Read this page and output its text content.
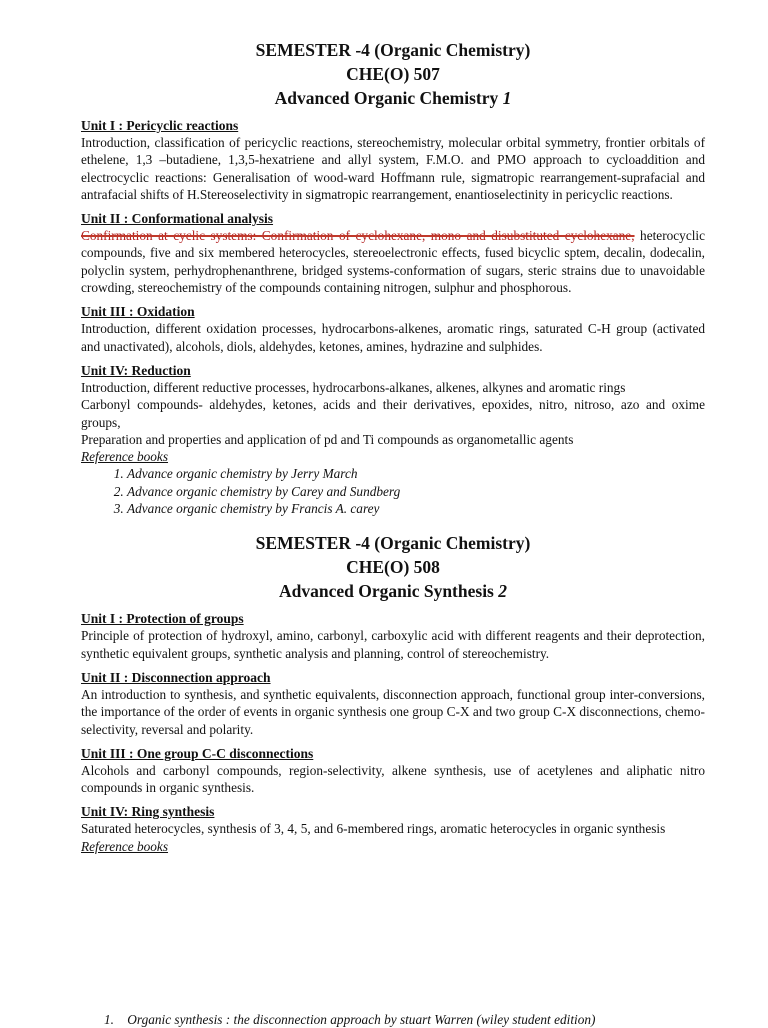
SEMESTER -4 (Organic Chemistry)
CHE(O) 507
Advanced Organic Chemistry 1
Unit I : Pericyclic reactions
Introduction, classification of pericyclic reactions, stereochemistry, molecular orbital symmetry, frontier orbitals of ethelene, 1,3 –butadiene, 1,3,5-hexatriene and allyl system, F.M.O. and PMO approach to cycloaddition and electrocyclic reactions: Generalisation of wood-ward Hoffmann rule, sigmatropic rearrangement-suprafacial and antrafacial shifts of H.Stereoselectivity in sigmatropic rearrangement, enantioselectinity in pericyclic reactions.
Unit II : Conformational analysis
Confirmation at cyclic systems: Confirmation of cyclohexane, mono and disubstituted cyclohexane, heterocyclic compounds, five and six membered heterocycles, stereoelectronic effects, fused bicyclic sptem, decalin, dodecalin, polyclin system, perhydrophenanthrene, bridged systems-conformation of sugars, steric strains due to unavoidable crowding, stereochemistry of the compounds containing nitrogen, sulphur and phosphorous.
Unit III : Oxidation
Introduction, different oxidation processes, hydrocarbons-alkenes, aromatic rings, saturated C-H group (activated and unactivated), alcohols, diols, aldehydes, ketones, amines, hydrazine and sulphides.
Unit IV: Reduction
Introduction, different reductive processes, hydrocarbons-alkanes, alkenes, alkynes and aromatic rings
Carbonyl compounds- aldehydes, ketones, acids and their derivatives, epoxides, nitro, nitroso, azo and oxime groups,
Preparation and properties and application of pd and Ti compounds as organometallic agents
Reference books
1. Advance organic chemistry by Jerry March
2. Advance organic chemistry by Carey and Sundberg
3. Advance organic chemistry by Francis A. carey
SEMESTER -4 (Organic Chemistry)
CHE(O) 508
Advanced Organic Synthesis 2
Unit I : Protection of groups
Principle of protection of hydroxyl, amino, carbonyl, carboxylic acid with different reagents and their deprotection, synthetic equivalent groups, synthetic analysis and planning, control of stereochemistry.
Unit II : Disconnection approach
An introduction to synthesis, and synthetic equivalents, disconnection approach, functional group inter-conversions, the importance of the order of events in organic synthesis one group C-X and two group C-X disconnections, chemo-selectivity, reversal and polarity.
Unit III : One group C-C disconnections
Alcohols and carbonyl compounds, region-selectivity, alkene synthesis, use of acetylenes and aliphatic nitro compounds in organic synthesis.
Unit IV: Ring synthesis
Saturated heterocycles, synthesis of 3, 4, 5, and 6-membered rings, aromatic heterocycles in organic synthesis
Reference books
1.    Organic synthesis : the disconnection approach by stuart Warren (wiley student edition)
